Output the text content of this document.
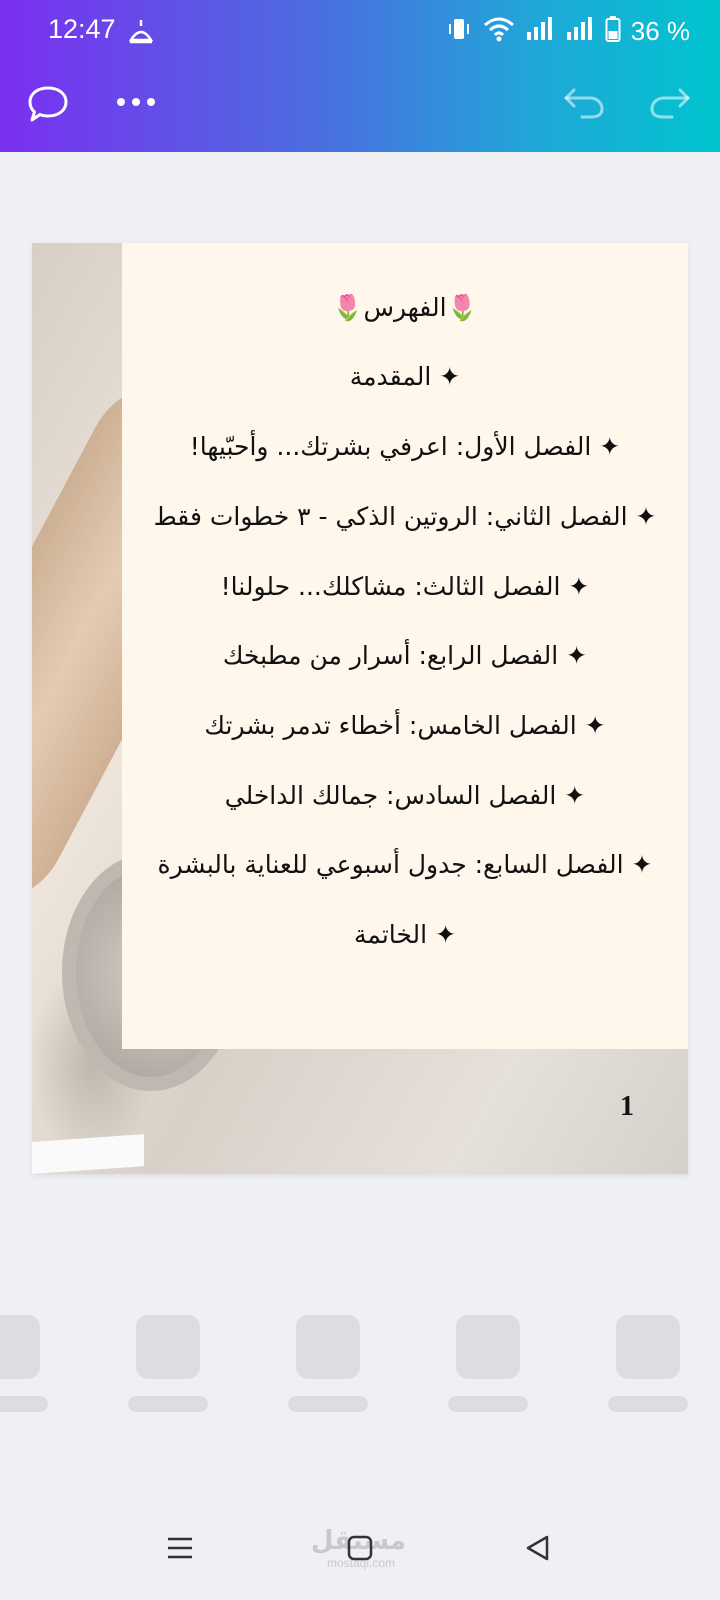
12:47	36 %
🌷الفهرس🌷
✦ المقدمة
✦ الفصل الأول: اعرفي بشرتك... وأحبّيها!
✦ الفصل الثاني: الروتين الذكي - ٣ خطوات فقط
✦ الفصل الثالث: مشاكلك... حلولنا!
✦ الفصل الرابع: أسرار من مطبخك
✦ الفصل الخامس: أخطاء تدمر بشرتك
✦ الفصل السادس: جمالك الداخلي
✦ الفصل السابع: جدول أسبوعي للعناية بالبشرة
✦ الخاتمة
1
مستقل
mostaql.com
